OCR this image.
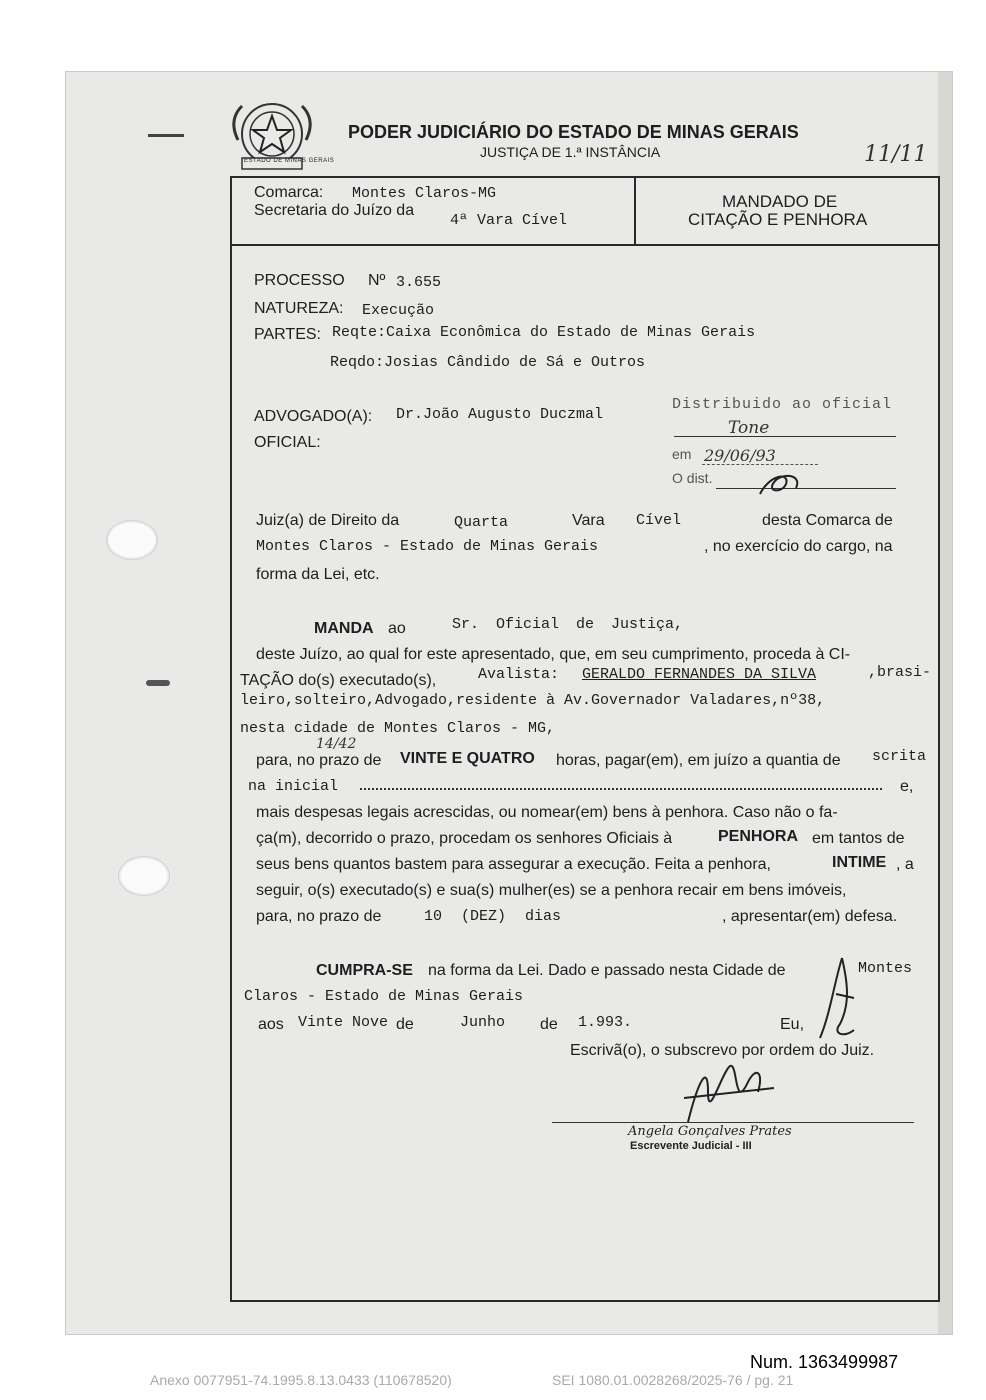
ESTADO DE MINAS GERAIS
PODER JUDICIÁRIO DO ESTADO DE MINAS GERAIS
JUSTIÇA DE 1.ª INSTÂNCIA	11/11
Comarca: Montes Claros-MG
Secretaria do Juízo da
4ª Vara Cível
MANDADO DE
CITAÇÃO E PENHORA
PROCESSO Nº 3.655
NATUREZA: Execução
PARTES: Reqte:Caixa Econômica do Estado de Minas Gerais
Reqdo:Josias Cândido de Sá e Outros
ADVOGADO(A): Dr.João Augusto Duczmal
OFICIAL:
Distribuido ao oficial
Tone
em 29/06/93
O dist.
Juiz(a) de Direito da	Quarta	Vara Cível	desta Comarca de
Montes Claros - Estado de Minas Gerais	, no exercício do cargo, na
forma da Lei, etc.
MANDA ao	Sr. Oficial de Justiça,
deste Juízo, ao qual for este apresentado, que, em seu cumprimento, proceda à CI-
TAÇÃO do(s) executado(s),	Avalista: GERALDO FERNANDES DA SILVA	,brasi-
leiro,solteiro,Advogado,residente à Av.Governador Valadares,nº38,
nesta cidade de Montes Claros - MG,
14/42
para, no prazo de VINTE E QUATRO horas, pagar(em), em juízo a quantia de scrita
na inicial	e,
mais despesas legais acrescidas, ou nomear(em) bens à penhora. Caso não o fa-
ça(m), decorrido o prazo, procedam os senhores Oficiais à	PENHORA em tantos de
seus bens quantos bastem para assegurar a execução. Feita a penhora,	INTIME , a
seguir, o(s) executado(s) e sua(s) mulher(es) se a penhora recair em bens imóveis,
para, no prazo de	10 (DEZ) dias	, apresentar(em) defesa.
CUMPRA-SE na forma da Lei. Dado e passado nesta Cidade de	Montes
Claros - Estado de Minas Gerais
aos Vinte Nove de	Junho de 1.993.	Eu,
Escrivã(o), o subscrevo por ordem do Juiz.
Angela Gonçalves Prates
Escrevente Judicial - III
Num. 1363499987
Anexo 0077951-74.1995.8.13.0433 (110678520)	SEI 1080.01.0028268/2025-76 / pg. 21
